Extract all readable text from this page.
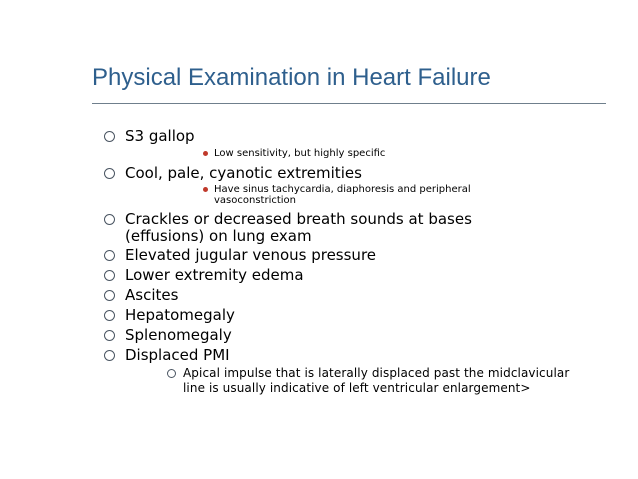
Physical Examination in Heart Failure
S3 gallop
Low sensitivity, but highly specific
Cool, pale, cyanotic extremities
Have sinus tachycardia, diaphoresis and peripheral
vasoconstriction
Crackles or decreased breath sounds at bases
(effusions) on lung exam
Elevated jugular venous pressure
Lower extremity edema
Ascites
Hepatomegaly
Splenomegaly
Displaced PMI
Apical impulse that is laterally displaced past the midclavicular
line is usually indicative of left ventricular enlargement>
